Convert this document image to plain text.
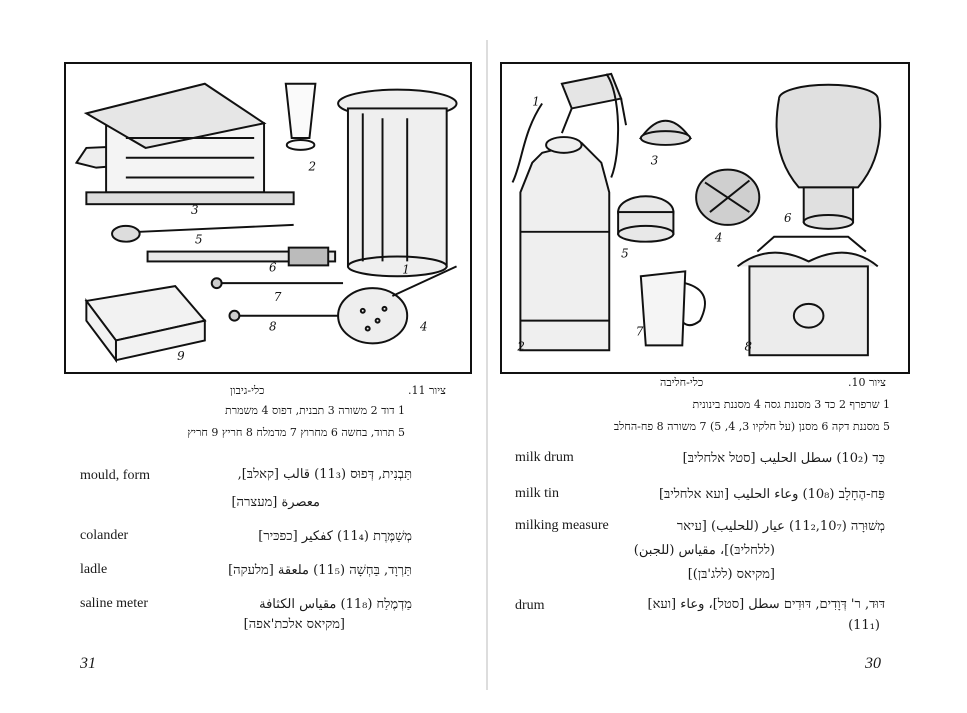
1
2
3
4
5
6
7
8
9
כלי-גיבון	ציור 11.
1 דוד 2 משורה 3 תבנית, דפוס 4 משמרת
5 תרוד, בחשה 6 מחרוץ 7 מדמלח 8 חריץ 9 חריץ
mould, form	תַּבְנִית, דְּפוּס (11₃) قالب [קאלבּ],
معصرة [מעצרה]
colander	מְשַׁמֶּרֶת (11₄) كفكير [כפכּיר]
ladle	תַּרְוָד, בַּחְשָׁה (11₅) ملعقة [מלעקה]
saline meter	מַדְמֶלַח (11₈) مقياس الكثافة
[מקיאס אלכת'אפה]
31
1
2
3
4
5
6
7
8
כלי-חליבה	ציור 10.
1 שרפרף 2 כד 3 מסננת גסה 4 מסננת בינונית
5 מסננת דקה 6 מסנן (על חלקיו 3, 4, 5) 7 משורה 8 פח-החלב
milk drum	כַּד (10₂) سطل الحليب [סטל אלחליבּ]
milk tin	פַּח-הֶחָלָב (10₈) وعاء الحليب [ועא אלחליבּ]
milking measure	מְשׁוּרָה (11₂,10₇) عيار (للحليب) [עיאר
(ללחליבּ)]، مقياس (للجبن)
[מקיאס (ללג'בּן)]
drum	דּוּד, ר' דְּוָדִים, דּוּדִים سطل [סטל]، وعاء [ועא]
(11₁)
30
